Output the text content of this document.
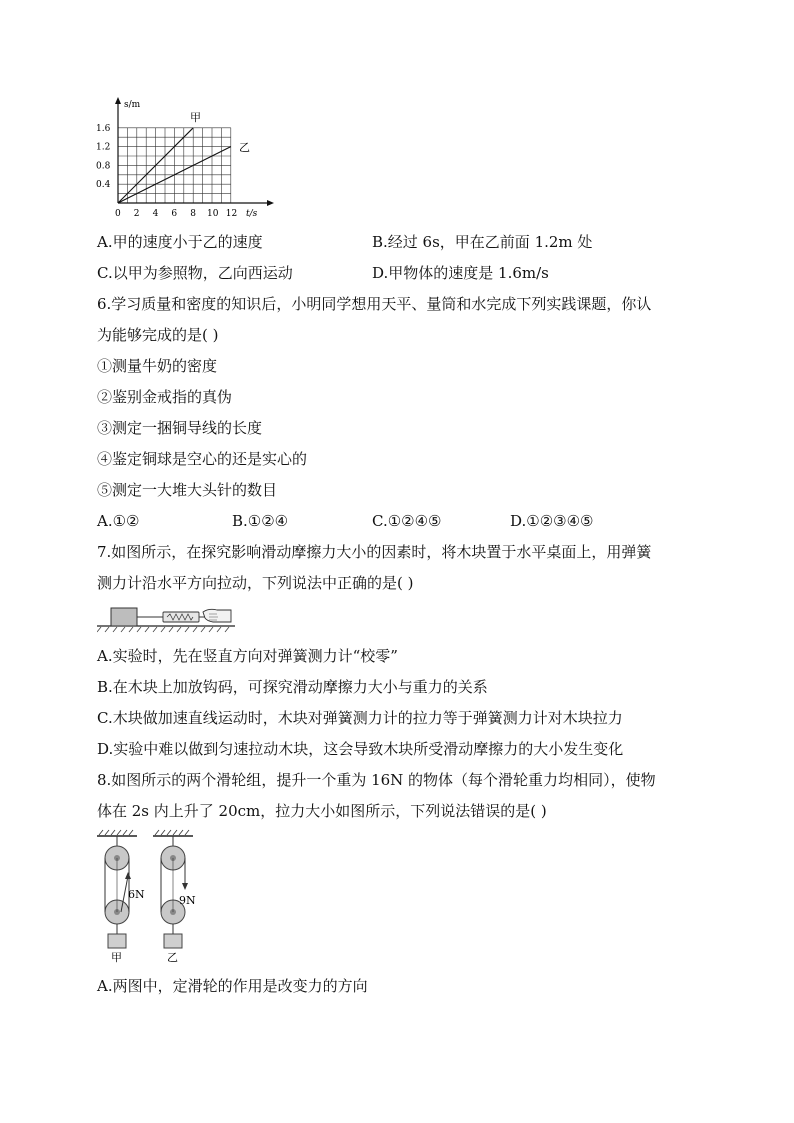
s/m
t/s
1.6
1.2
0.8
0.4
0 2 4 6 8 10 12
甲
乙
A.甲的速度小于乙的速度	B.经过 6s，甲在乙前面 1.2m 处
C.以甲为参照物，乙向西运动	D.甲物体的速度是 1.6m/s
6.学习质量和密度的知识后，小明同学想用天平、量筒和水完成下列实践课题，你认
为能够完成的是( )
①测量牛奶的密度
②鉴别金戒指的真伪
③测定一捆铜导线的长度
④鉴定铜球是空心的还是实心的
⑤测定一大堆大头针的数目
A.①②	B.①②④	C.①②④⑤	D.①②③④⑤
7.如图所示，在探究影响滑动摩擦力大小的因素时，将木块置于水平桌面上，用弹簧
测力计沿水平方向拉动，下列说法中正确的是( )
A.实验时，先在竖直方向对弹簧测力计“校零”
B.在木块上加放钩码，可探究滑动摩擦力大小与重力的关系
C.木块做加速直线运动时，木块对弹簧测力计的拉力等于弹簧测力计对木块拉力
D.实验中难以做到匀速拉动木块，这会导致木块所受滑动摩擦力的大小发生变化
8.如图所示的两个滑轮组，提升一个重为 16N 的物体（每个滑轮重力均相同），使物
体在 2s 内上升了 20cm，拉力大小如图所示，下列说法错误的是( )
6N
甲
9N
乙
A.两图中，定滑轮的作用是改变力的方向
